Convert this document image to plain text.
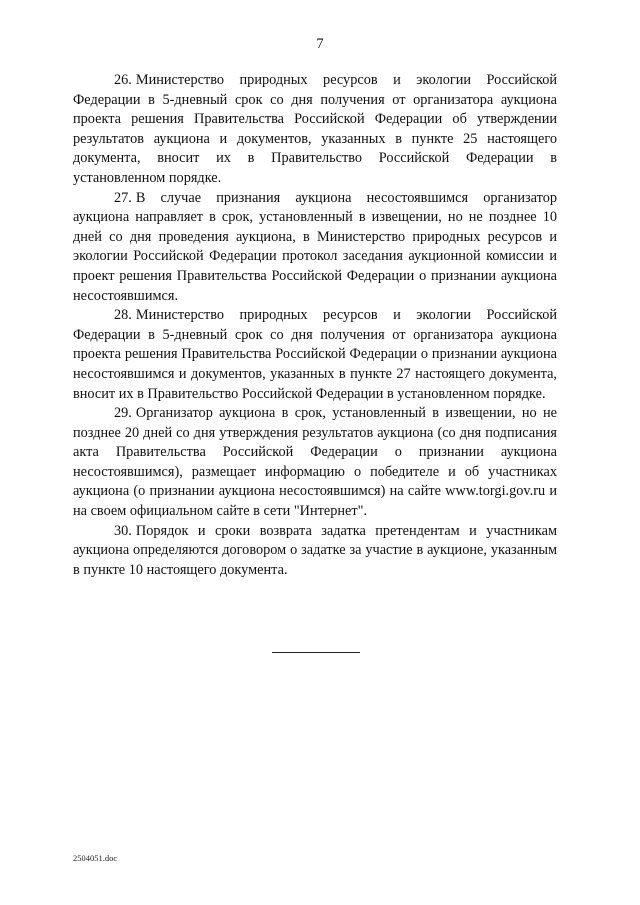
7

26. Министерство природных ресурсов и экологии Российской Федерации в 5-дневный срок со дня получения от организатора аукциона проекта решения Правительства Российской Федерации об утверждении результатов аукциона и документов, указанных в пункте 25 настоящего документа, вносит их в Правительство Российской Федерации в установленном порядке.

27. В случае признания аукциона несостоявшимся организатор аукциона направляет в срок, установленный в извещении, но не позднее 10 дней со дня проведения аукциона, в Министерство природных ресурсов и экологии Российской Федерации протокол заседания аукционной комиссии и проект решения Правительства Российской Федерации о признании аукциона несостоявшимся.

28. Министерство природных ресурсов и экологии Российской Федерации в 5-дневный срок со дня получения от организатора аукциона проекта решения Правительства Российской Федерации о признании аукциона несостоявшимся и документов, указанных в пункте 27 настоящего документа, вносит их в Правительство Российской Федерации в установленном порядке.

29. Организатор аукциона в срок, установленный в извещении, но не позднее 20 дней со дня утверждения результатов аукциона (со дня подписания акта Правительства Российской Федерации о признании аукциона несостоявшимся), размещает информацию о победителе и об участниках аукциона (о признании аукциона несостоявшимся) на сайте www.torgi.gov.ru и на своем официальном сайте в сети "Интернет".

30. Порядок и сроки возврата задатка претендентам и участникам аукциона определяются договором о задатке за участие в аукционе, указанным в пункте 10 настоящего документа.

2504051.doc
